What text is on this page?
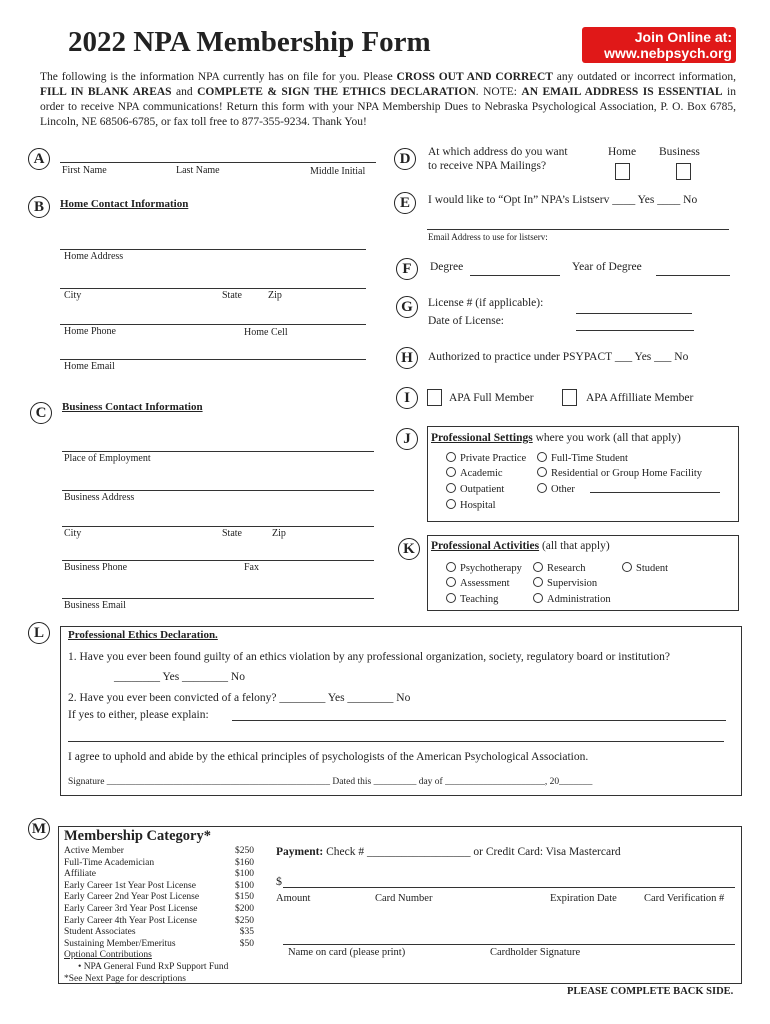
2022 NPA Membership Form	Join Online at:
www.nebpsych.org
The following is the information NPA currently has on file for you. Please CROSS OUT AND CORRECT any outdated or incorrect information, FILL IN BLANK AREAS and COMPLETE & SIGN THE ETHICS DECLARATION. NOTE: AN EMAIL ADDRESS IS ESSENTIAL in order to receive NPA communications! Return this form with your NPA Membership Dues to Nebraska Psychological Association, P. O. Box 6785, Lincoln, NE 68506-6785, or fax toll free to 877-355-9234. Thank You!
A
First Name	Last Name	Middle Initial
B	Home Contact Information
Home Address
City	State	Zip
Home Phone	Home Cell
Home Email
C	Business Contact Information
Place of Employment
Business Address
City	State	Zip
Business Phone	Fax
Business Email
D	At which address do you want
to receive NPA Mailings?
Home Business
E	I would like to “Opt In” NPA’s Listserv ____ Yes ____ No
Email Address to use for listserv:
F	Degree	Year of Degree
G	License # (if applicable):
Date of License:
H	Authorized to practice under PSYPACT ___ Yes ___ No
I	APA Full Member	APA Affilliate Member
J	Professional Settings where you work (all that apply)
Private Practice
Academic
Outpatient
Hospital
Full-Time Student
Residential or Group Home Facility
Other
K	Professional Activities (all that apply)
Psychotherapy
Assessment
Teaching
Research
Supervision
Administration
Student
L	Professional Ethics Declaration.
1. Have you ever been found guilty of an ethics violation by any professional organization, society, regulatory board or institution?
________ Yes ________ No
2. Have you ever been convicted of a felony? ________ Yes ________ No
If yes to either, please explain:
I agree to uphold and abide by the ethical principles of psychologists of the American Psychological Association.
Signature _______________________________________________ Dated this _________ day of _____________________, 20_______
M Membership Category*
Active Member	$250
Full-Time Academician	$160
Affiliate	$100
Early Career 1st Year Post License	$100
Early Career 2nd Year Post License	$150
Early Career 3rd Year Post License	$200
Early Career 4th Year Post License	$250
Student Associates	$35
Sustaining Member/Emeritus	$50
Optional Contributions
• NPA General Fund RxP Support Fund
*See Next Page for descriptions
Payment: Check # __________________ or Credit Card: Visa Mastercard
$
Amount	Card Number	Expiration Date	Card Verification #
Name on card (please print)	Cardholder Signature
PLEASE COMPLETE BACK SIDE.
